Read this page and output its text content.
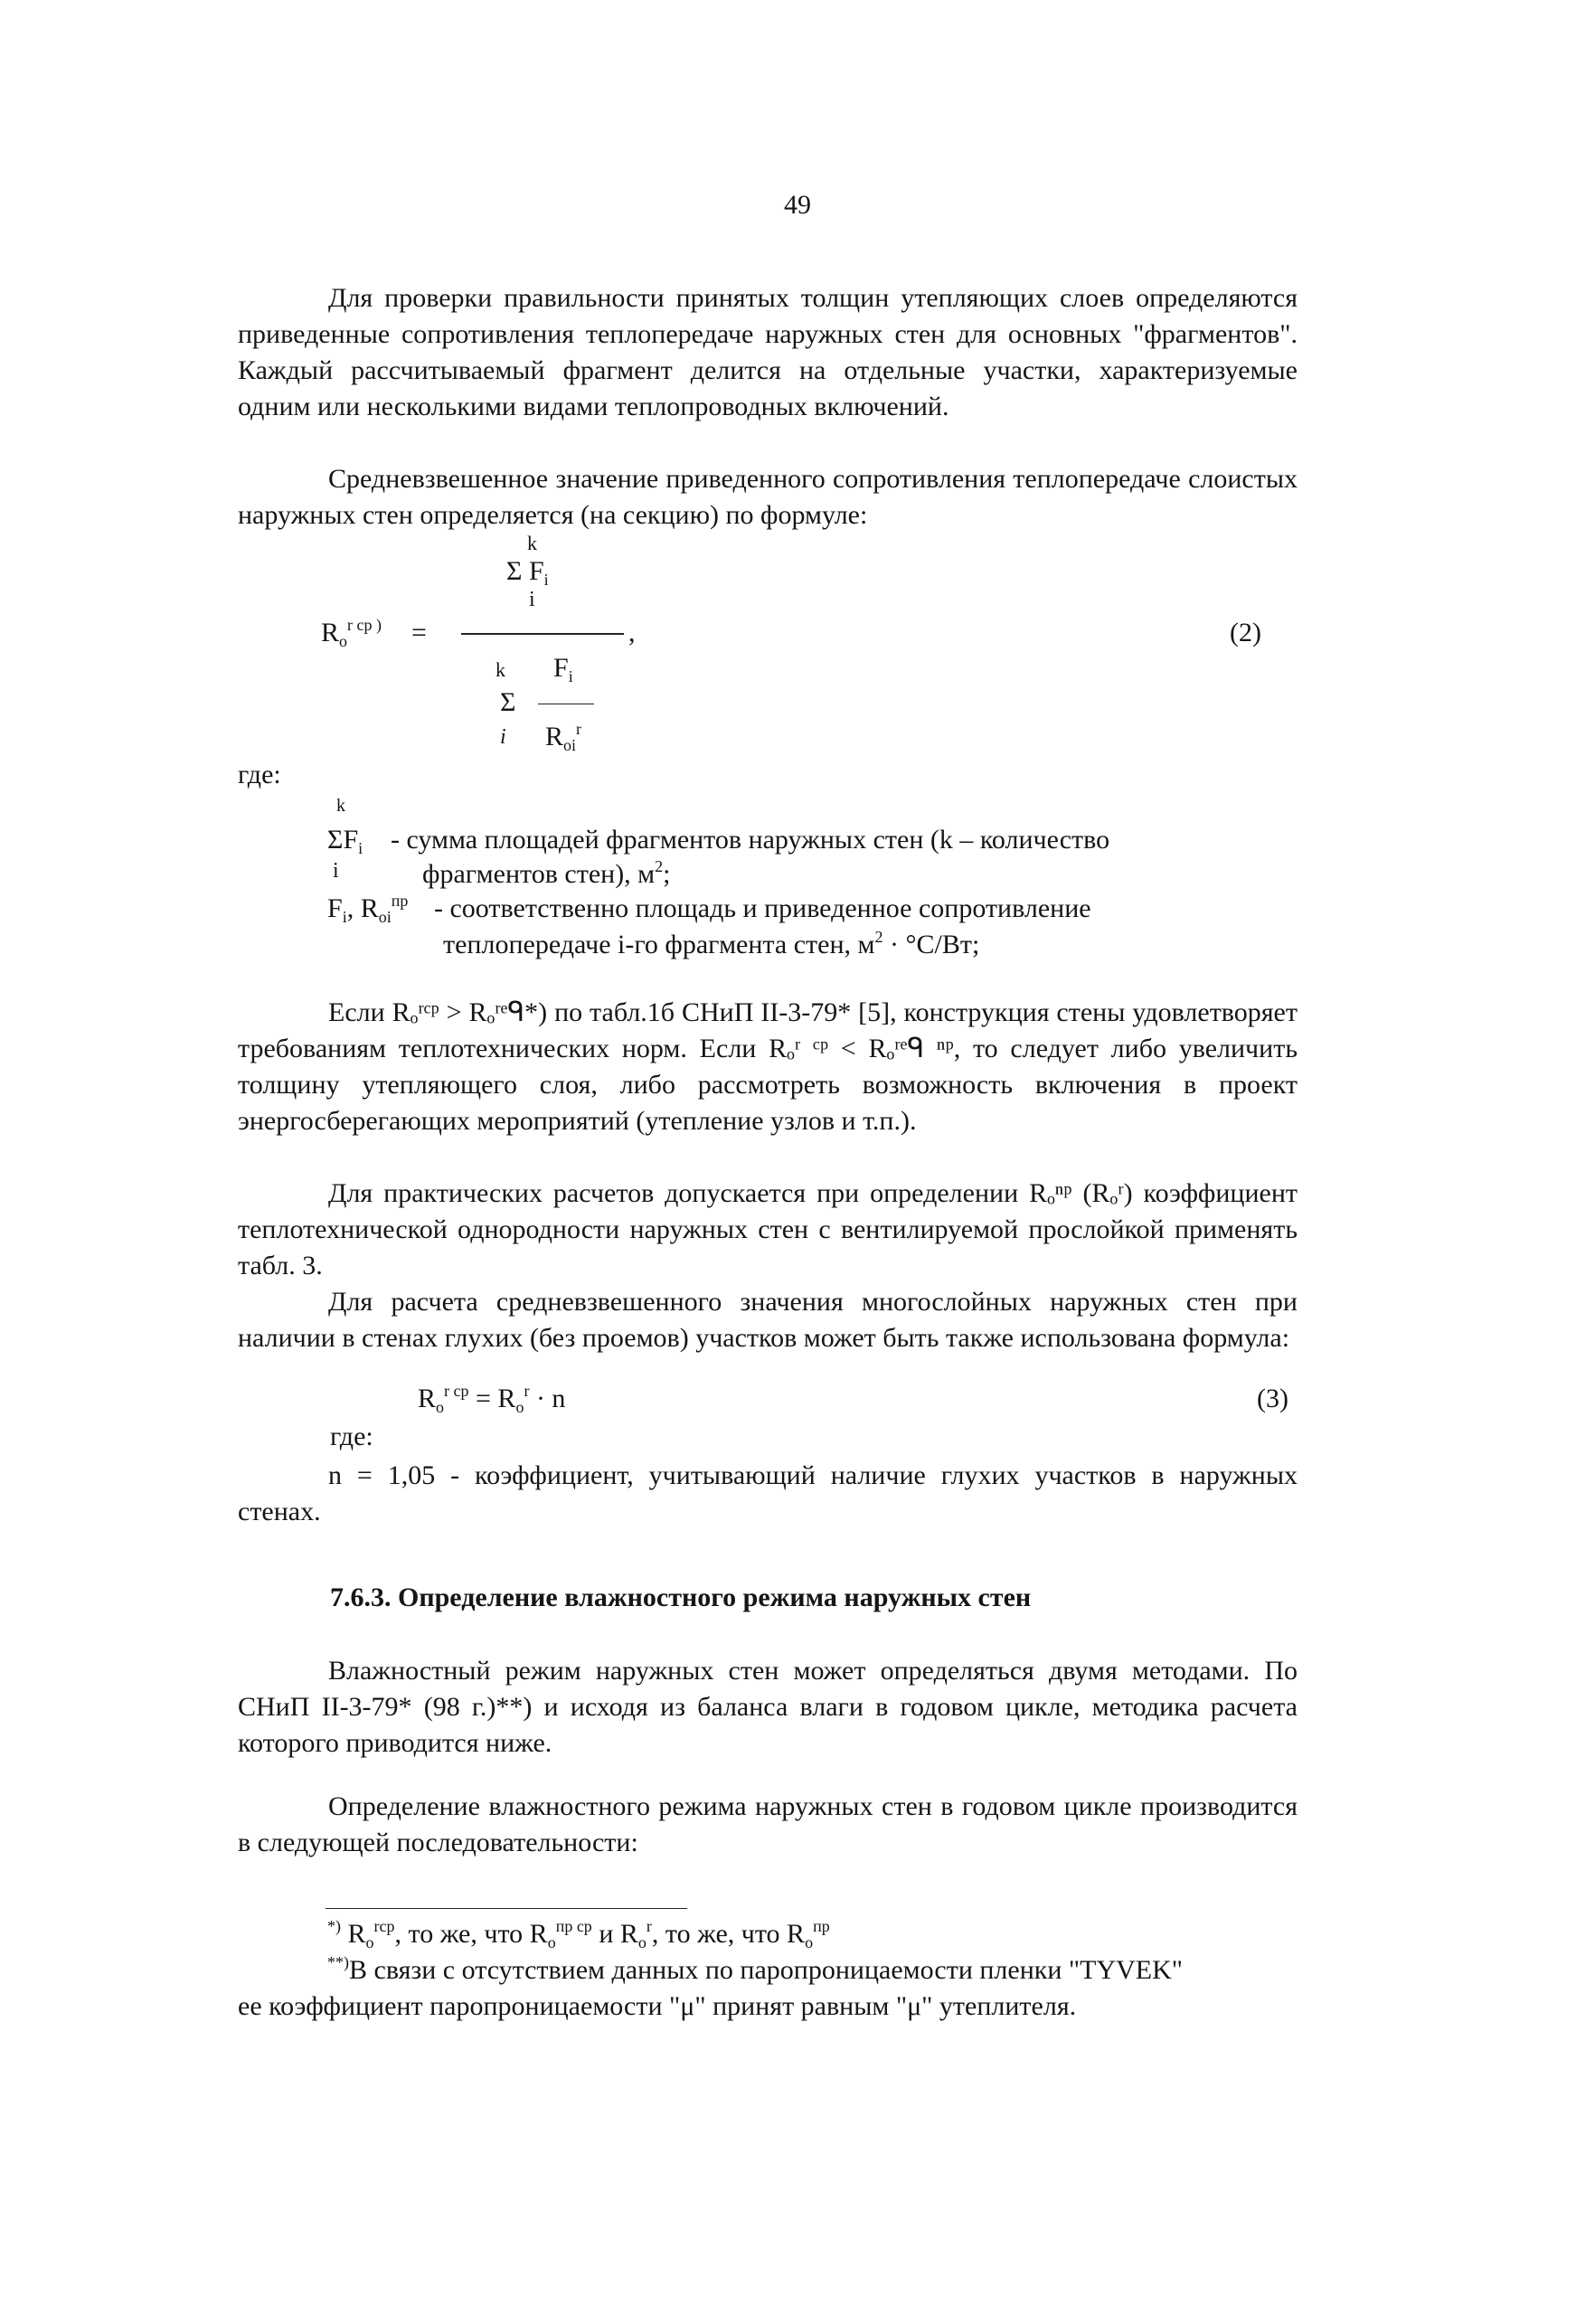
49
Для проверки правильности принятых толщин утепляющих слоев определяются приведенные сопротивления теплопередаче наружных стен для основных "фрагментов". Каждый рассчитываемый фрагмент делится на отдельные участки, характеризуемые одним или несколькими видами теплопроводных включений.
Средневзвешенное значение приведенного сопротивления теплопередаче слоистых наружных стен определяется (на секцию) по формуле:
k
Σ $F_i$
i
$R_o^{r cp )}$ =	,	(2)
k $F_i$
Σ
i $R_{oi}^r$
где:
k
$\Sigma F_i$ - сумма площадей фрагментов наружных стен (k – количество
i	фрагментов стен), $м^2$;
$F_i$, $R_{oi}^{пр}$ - соответственно площадь и приведенное сопротивление
теплопередаче i-го фрагмента стен, $м^2 \cdot ^\circ C/Вт$;
Если Rₒʳᶜᵖ > Rₒʳᵉᑫ*) по табл.1б СНиП II-3-79* [5], конструкция стены удовлетворяет требованиям теплотехнических норм. Если Rₒʳ ᶜᵖ < Rₒʳᵉᑫ ⁿᵖ, то следует либо увеличить толщину утепляющего слоя, либо рассмотреть возможность включения в проект энергосберегающих мероприятий (утепление узлов и т.п.).
Для практических расчетов допускается при определении Rₒⁿᵖ (Rₒʳ) коэффициент теплотехнической однородности наружных стен с вентилируемой прослойкой применять табл. 3.
Для расчета средневзвешенного значения многослойных наружных стен при наличии в стенах глухих (без проемов) участков может быть также использована формула:
$R_o^{r cp} = R_o^r \cdot n$	(3)
где:
n = 1,05 - коэффициент, учитывающий наличие глухих участков в наружных стенах.
7.6.3. Определение влажностного режима наружных стен
Влажностный режим наружных стен может определяться двумя методами. По СНиП II-3-79* (98 г.)**) и исходя из баланса влаги в годовом цикле, методика расчета которого приводится ниже.
Определение влажностного режима наружных стен в годовом цикле производится в следующей последовательности:
*) $R_o^{rcp}$, то же, что $R_o^{пр cp}$ и $R_o^r$, то же, что $R_o^{пр}$
**)В связи с отсутствием данных по паропроницаемости пленки "TYVEK"
ее коэффициент паропроницаемости "μ" принят равным "μ" утеплителя.
